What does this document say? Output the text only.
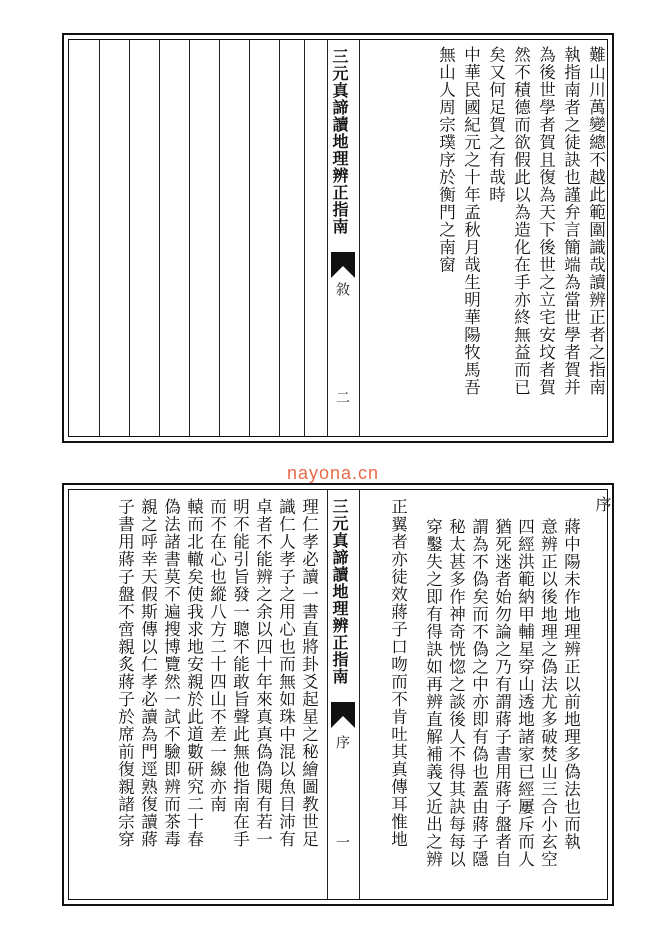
nayona.cn
三元真諦讀地理辨正指南
敘
二
難山川萬變總不越此範圍識哉讀辨正者之指南
執指南者之徒訣也謹弁言簡端為當世學者賀并
為後世學者賀且復為天下後世之立宅安坟者賀
然不積德而欲假此以為造化在手亦終無益而已
矣又何足賀之有哉時
中華民國紀元之十年孟秋月哉生明華陽牧馬吾
無山人周宗璞序於衡門之南窗
三元真諦讀地理辨正指南
序
一
序
蔣中陽未作地理辨正以前地理多偽法也而執
意辨正以後地理之偽法尤多破焚山三合小玄空
四經洪範納甲輔星穿山透地諸家已經屢斥而人
猶死迷者始勿論之乃有謂蔣子書用蔣子盤者自
謂為不偽矣而不偽之中亦即有偽也蓋由蔣子隱
秘太甚多作神奇恍惚之談後人不得其訣每每以
穿鑿失之即有得訣如再辨直解補義又近出之辨
正翼者亦徒效蔣子口吻而不肯吐其真傳耳惟地
理仁孝必讀一書直將卦爻起星之秘繪圖教世足
識仁人孝子之用心也而無如珠中混以魚目沛有
卓者不能辨之余以四十年來真真偽偽閱有若一
明不能引旨發一聰不能敢旨聲此無他指南在手
而不在心也縱八方二十四山不差一線亦南
轅而北轍矣使我求地安親於此道數研究二十春
偽法諸書莫不遍搜博覽然一試不驗即辨而茶毒
親之呼幸天假斯傳以仁孝必讀為門逕熟復讀蔣
子書用蔣子盤不啻親炙蔣子於席前復親諸宗穿
